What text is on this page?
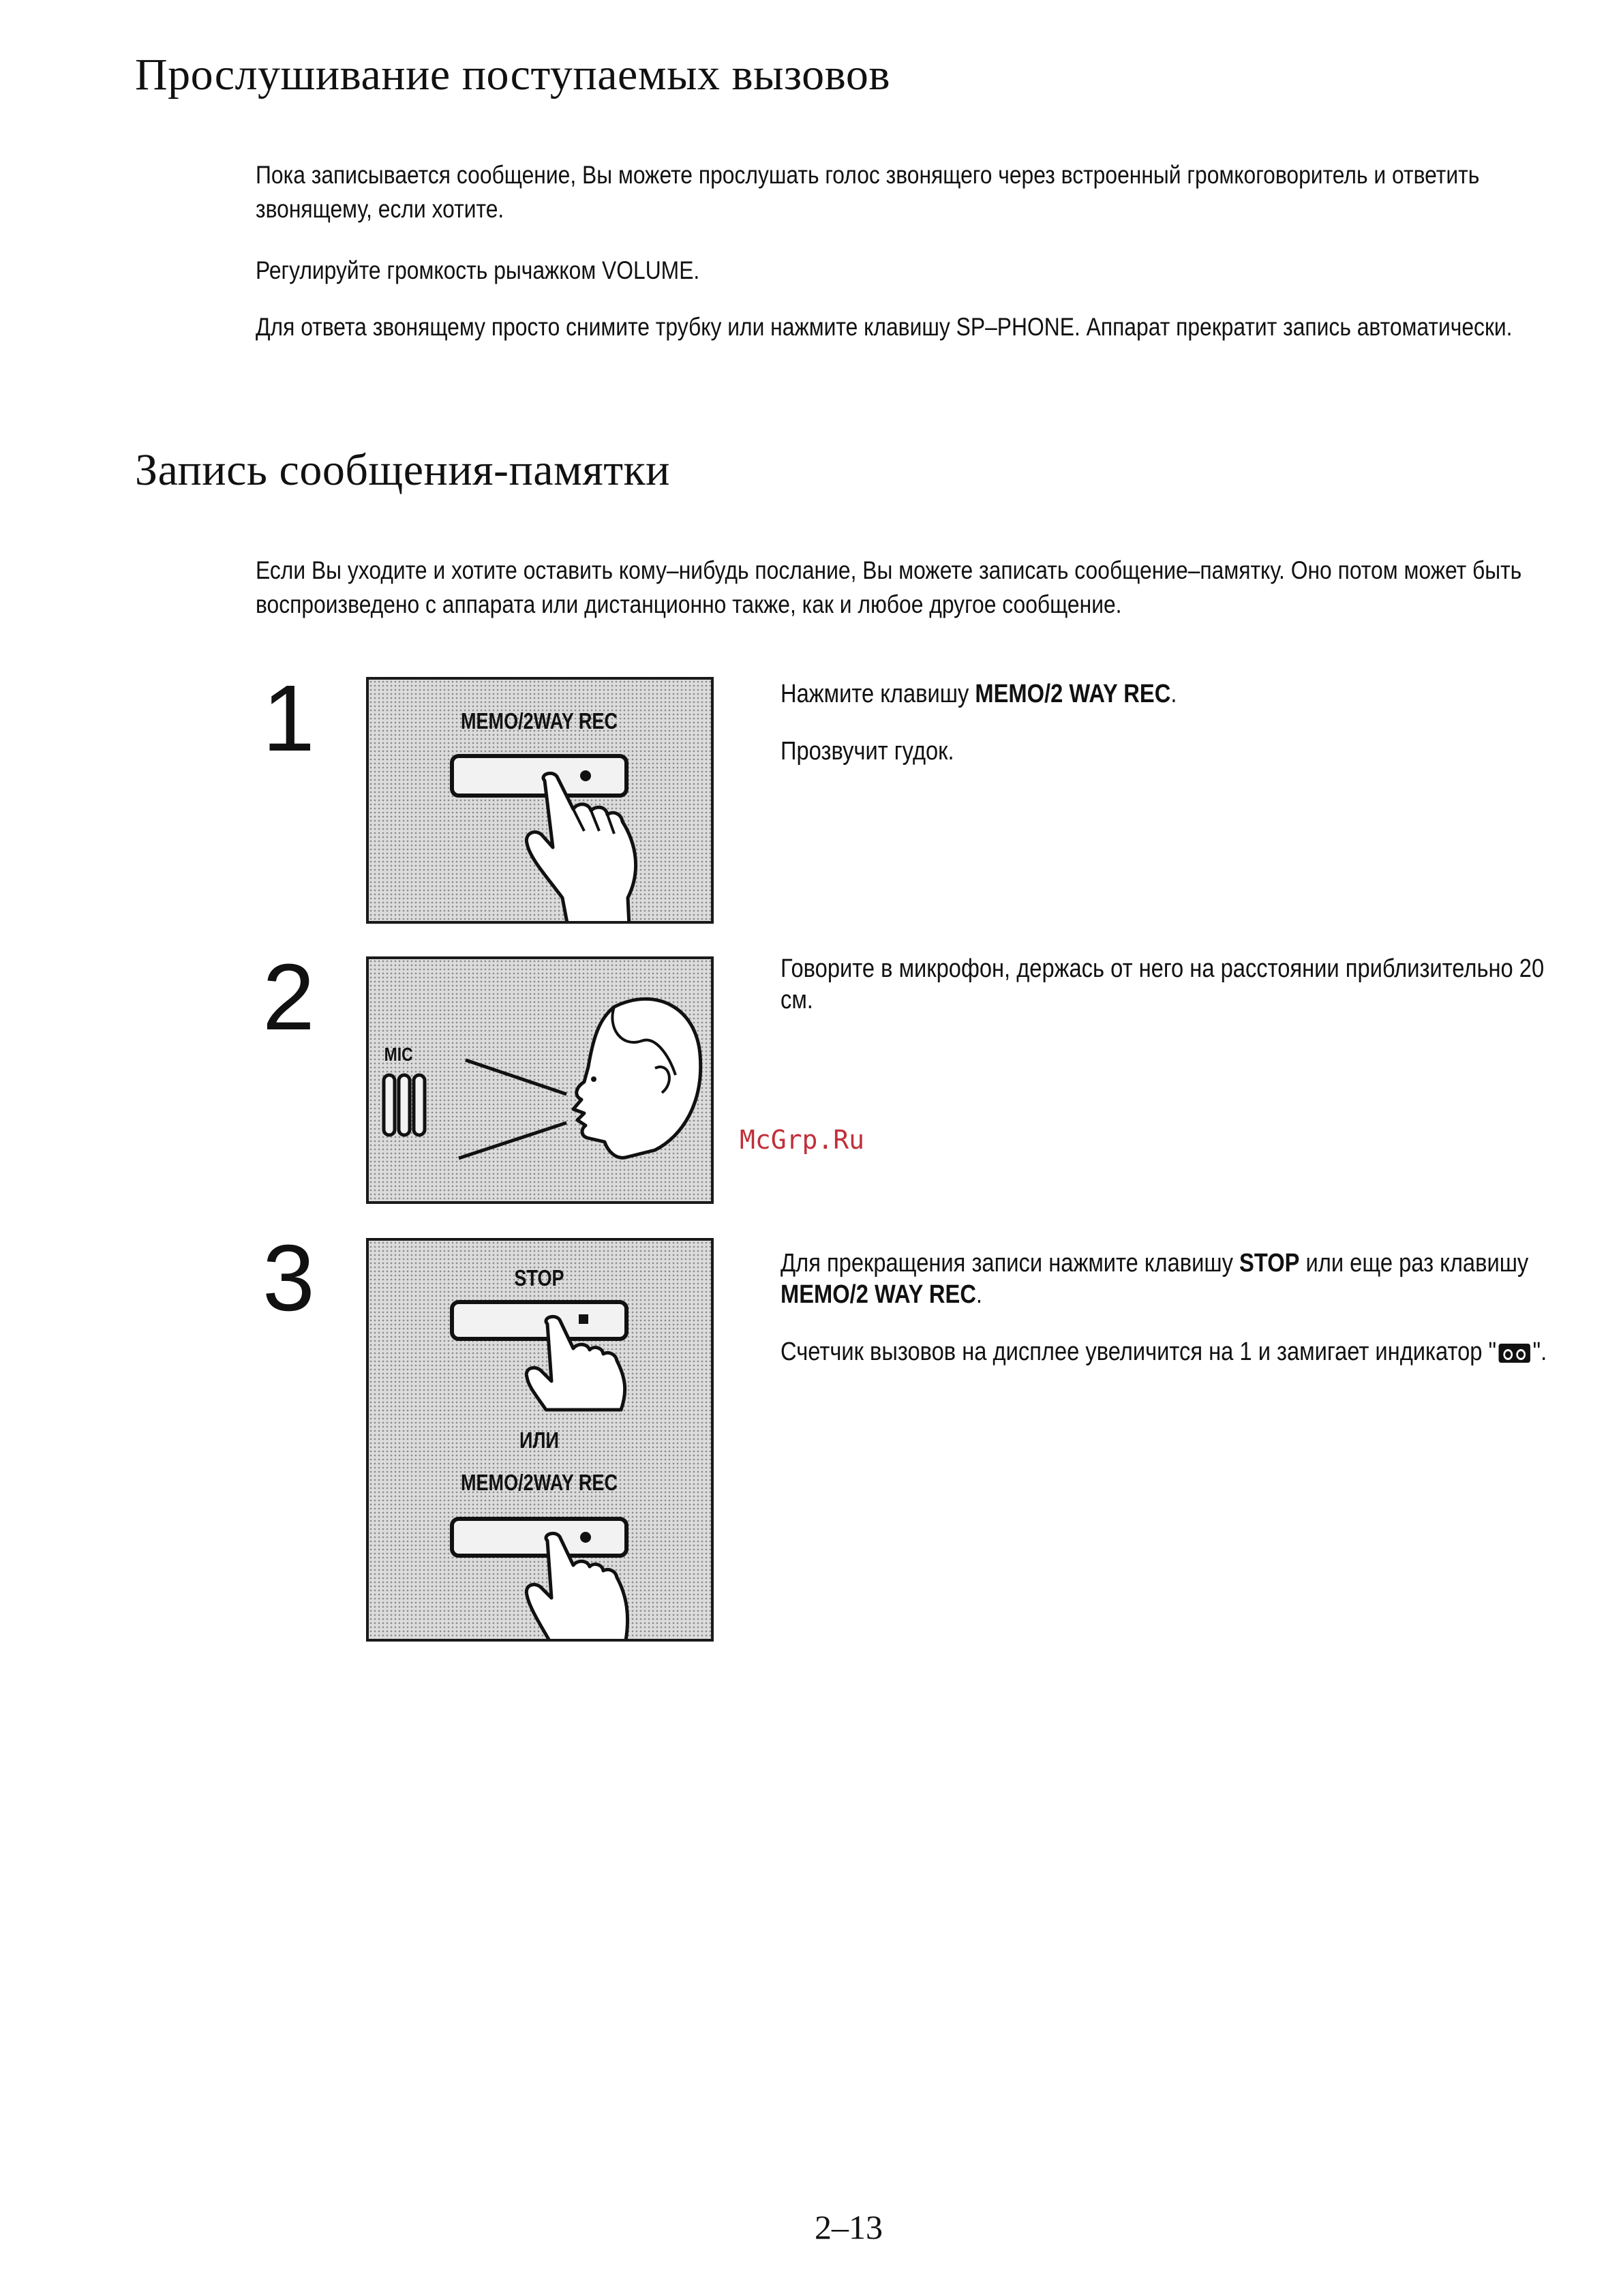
Прослушивание поступаемых вызовов

Пока записывается сообщение, Вы можете прослушать голос звонящего через встроенный громкоговоритель и ответить звонящему, если хотите.

Регулируйте громкость рычажком VOLUME.

Для ответа звонящему просто снимите трубку или нажмите клавишу SP–PHONE. Аппарат прекратит запись автоматически.

Запись сообщения-памятки

Если Вы уходите и хотите оставить кому–нибудь послание, Вы можете записать сообщение–памятку. Оно потом может быть воспроизведено с аппарата или дистанционно также, как и любое другое сообщение.

1	MEMO/2WAY REC

Нажмите клавишу MEMO/2 WAY REC.

Прозвучит гудок.

2
MIC

Говорите в микрофон, держась от него на расстоянии приблизительно 20 см.

3	STOP
ИЛИ
MEMO/2WAY REC

Для прекращения записи нажмите клавишу STOP или еще раз клавишу MEMO/2 WAY REC.

Счетчик вызовов на дисплее увеличится на 1 и замигает индикатор " ".

McGrp.Ru
2–13
